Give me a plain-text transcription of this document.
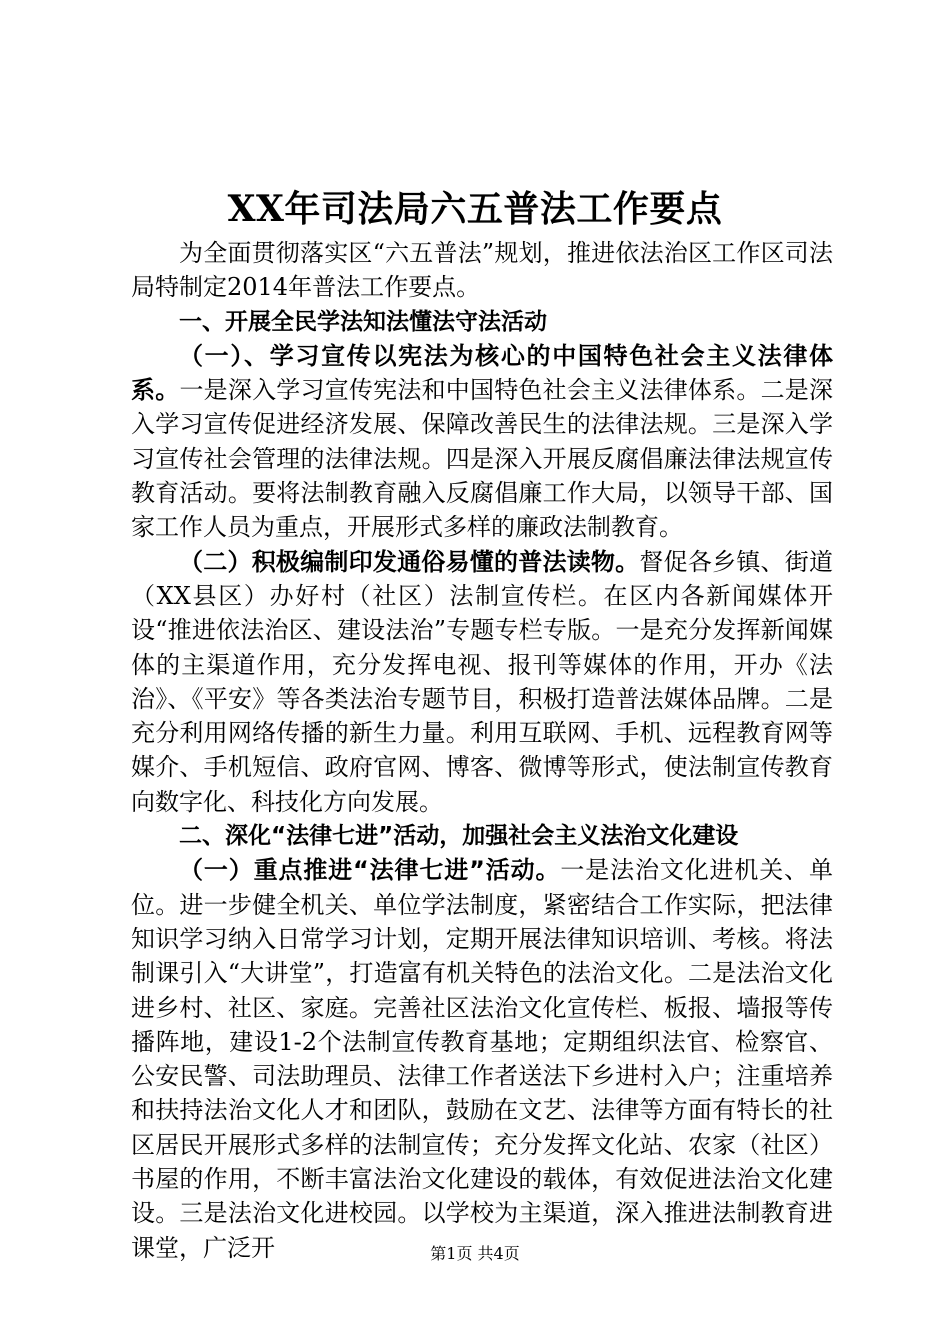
XX年司法局六五普法工作要点

为全面贯彻落实区“六五普法”规划，推进依法治区工作区司法局特制定2014年普法工作要点。

一、开展全民学法知法懂法守法活动

（一）、学习宣传以宪法为核心的中国特色社会主义法律体系。一是深入学习宣传宪法和中国特色社会主义法律体系。二是深入学习宣传促进经济发展、保障改善民生的法律法规。三是深入学习宣传社会管理的法律法规。四是深入开展反腐倡廉法律法规宣传教育活动。要将法制教育融入反腐倡廉工作大局，以领导干部、国家工作人员为重点，开展形式多样的廉政法制教育。

（二）积极编制印发通俗易懂的普法读物。督促各乡镇、街道（XX县区）办好村（社区）法制宣传栏。在区内各新闻媒体开设“推进依法治区、建设法治”专题专栏专版。一是充分发挥新闻媒体的主渠道作用，充分发挥电视、报刊等媒体的作用，开办《法治》、《平安》等各类法治专题节目，积极打造普法媒体品牌。二是充分利用网络传播的新生力量。利用互联网、手机、远程教育网等媒介、手机短信、政府官网、博客、微博等形式，使法制宣传教育向数字化、科技化方向发展。

二、深化“法律七进”活动，加强社会主义法治文化建设

（一）重点推进“法律七进”活动。一是法治文化进机关、单位。进一步健全机关、单位学法制度，紧密结合工作实际，把法律知识学习纳入日常学习计划，定期开展法律知识培训、考核。将法制课引入“大讲堂”，打造富有机关特色的法治文化。二是法治文化进乡村、社区、家庭。完善社区法治文化宣传栏、板报、墙报等传播阵地，建设1-2个法制宣传教育基地；定期组织法官、检察官、公安民警、司法助理员、法律工作者送法下乡进村入户；注重培养和扶持法治文化人才和团队，鼓励在文艺、法律等方面有特长的社区居民开展形式多样的法制宣传；充分发挥文化站、农家（社区）书屋的作用，不断丰富法治文化建设的载体，有效促进法治文化建设。三是法治文化进校园。以学校为主渠道，深入推进法制教育进课堂，广泛开	第1页 共4页
